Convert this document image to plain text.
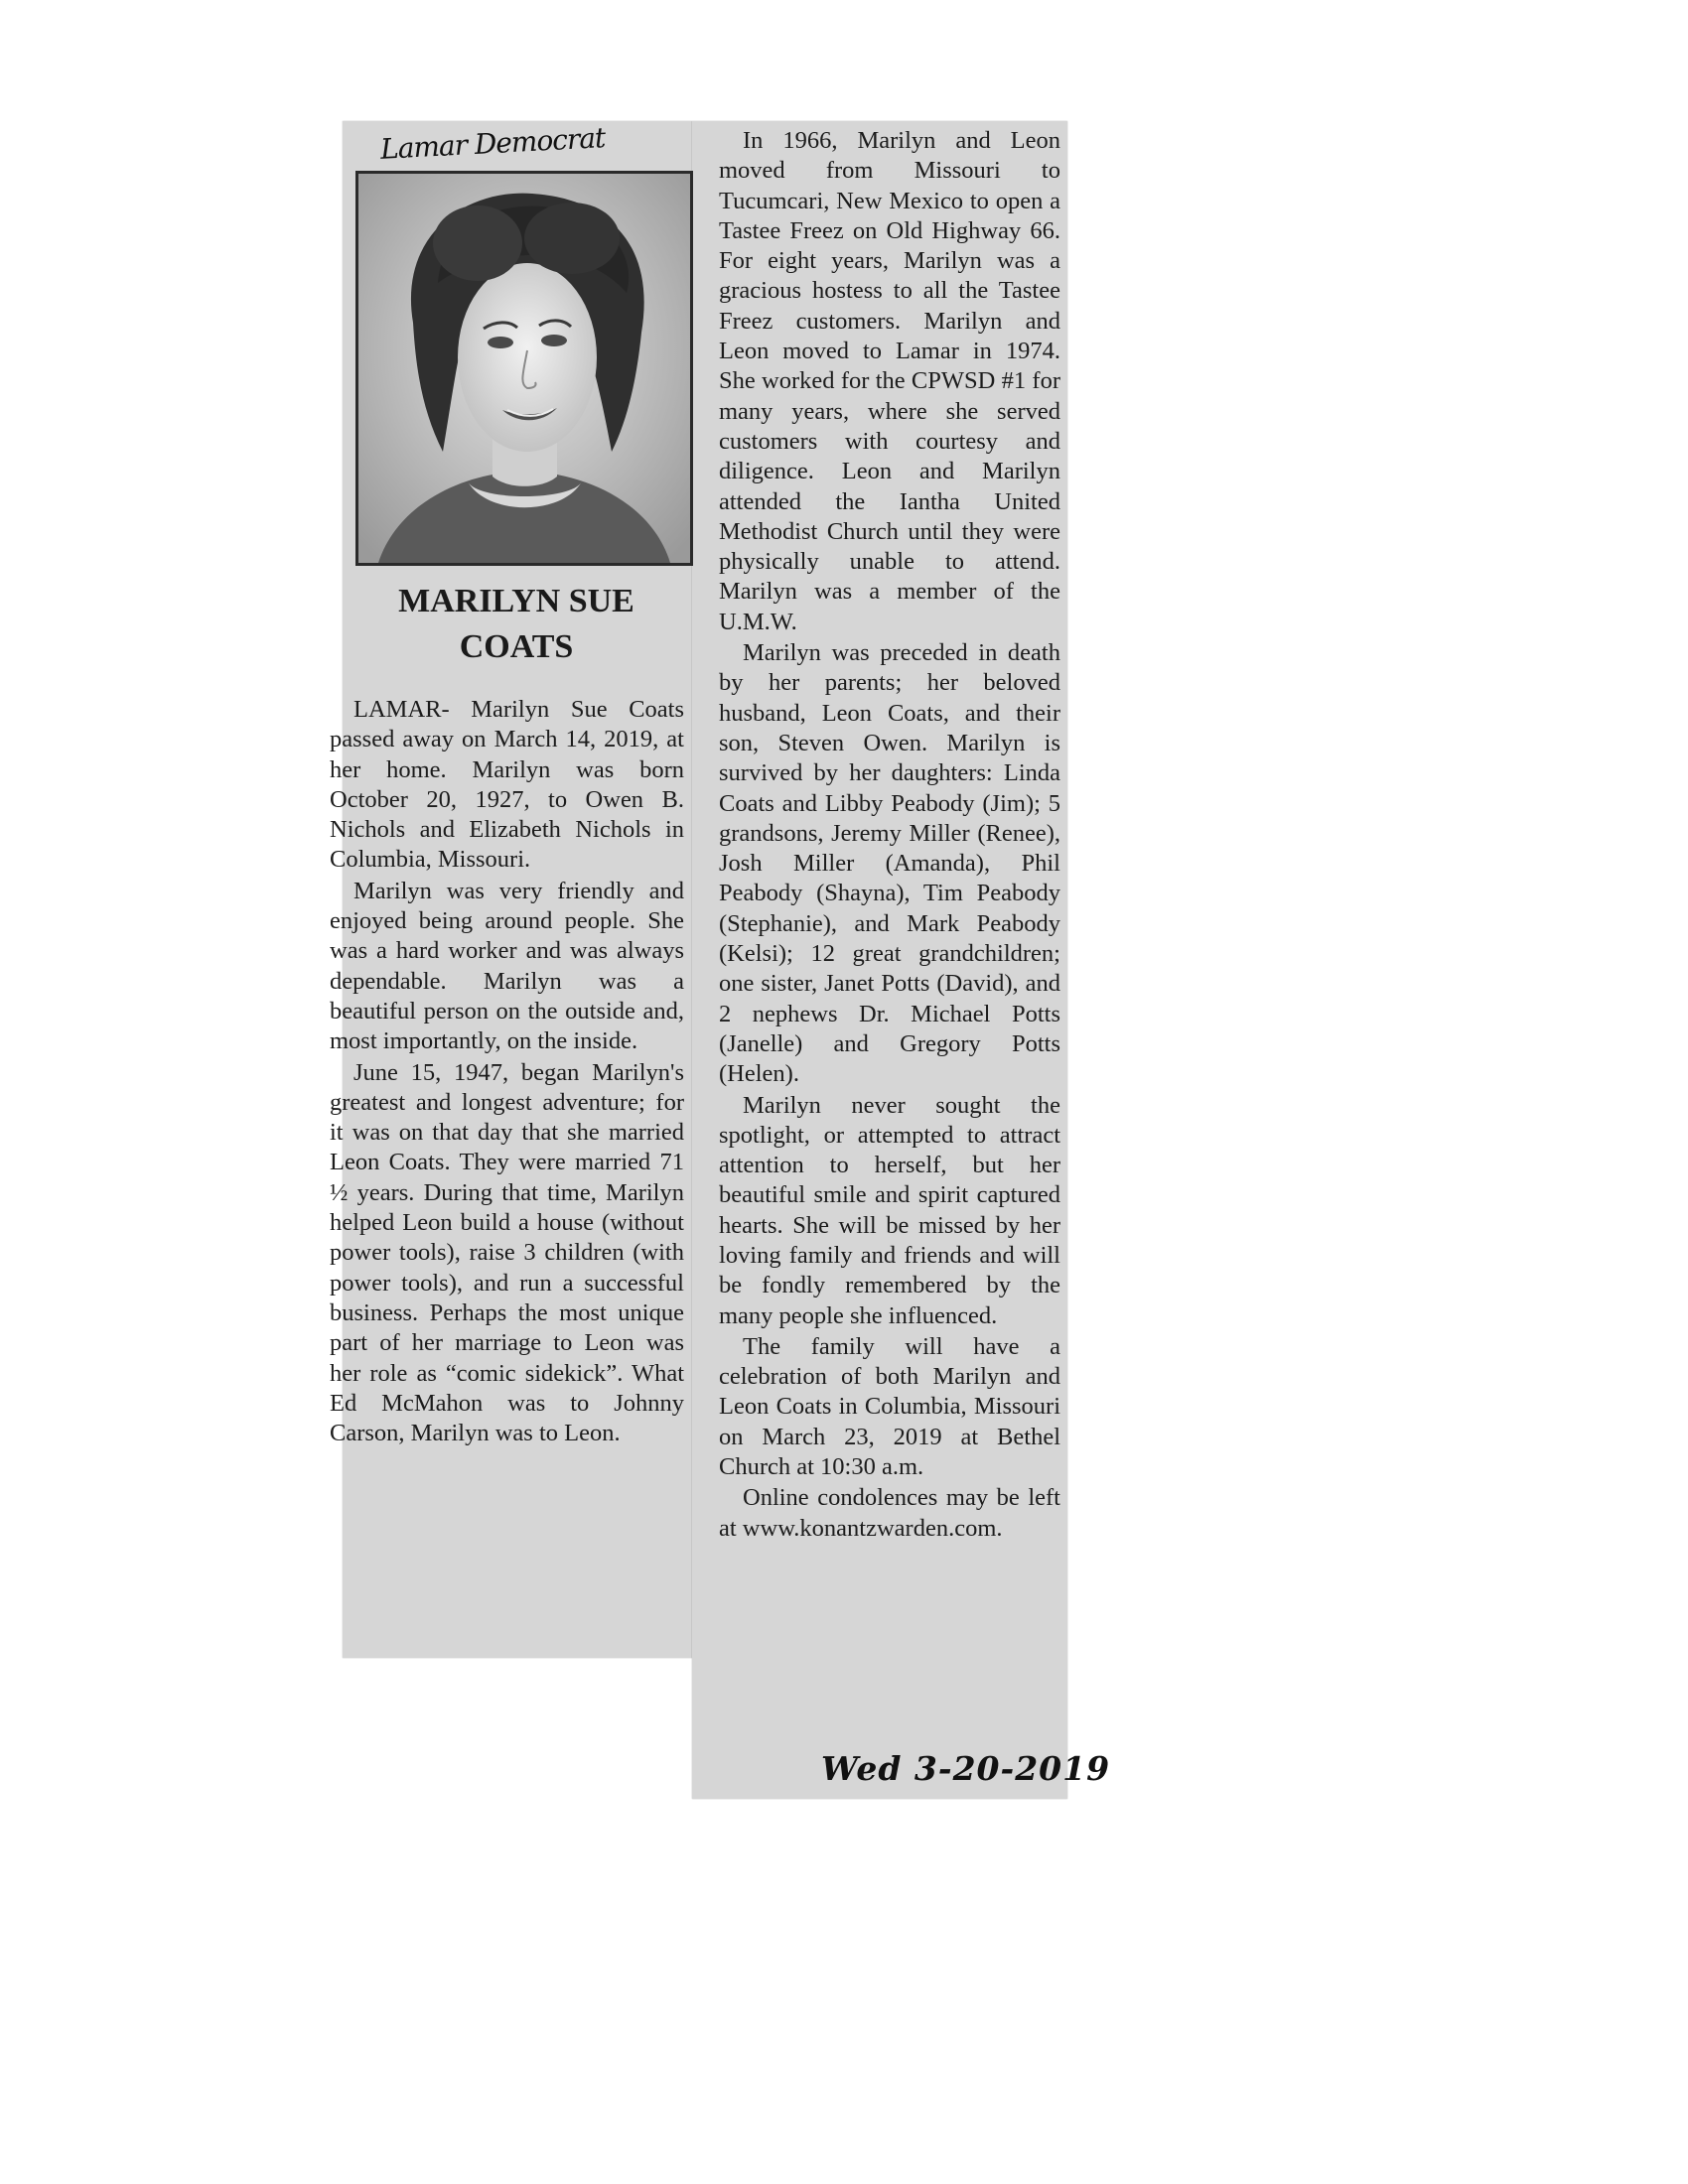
Lamar Democrat
MARILYN SUE
COATS

LAMAR- Marilyn Sue Coats passed away on March 14, 2019, at her home. Marilyn was born October 20, 1927, to Owen B. Nichols and Elizabeth Nichols in Columbia, Missouri.

Marilyn was very friendly and enjoyed being around people. She was a hard worker and was always dependable. Marilyn was a beautiful person on the outside and, most importantly, on the inside.

June 15, 1947, began Marilyn's greatest and longest adventure; for it was on that day that she married Leon Coats. They were married 71 ½ years. During that time, Marilyn helped Leon build a house (without power tools), raise 3 children (with power tools), and run a successful business. Perhaps the most unique part of her marriage to Leon was her role as “comic sidekick”. What Ed McMahon was to Johnny Carson, Marilyn was to Leon.

In 1966, Marilyn and Leon moved from Missouri to Tucumcari, New Mexico to open a Tastee Freez on Old Highway 66. For eight years, Marilyn was a gracious hostess to all the Tastee Freez customers. Marilyn and Leon moved to Lamar in 1974. She worked for the CPWSD #1 for many years, where she served customers with courtesy and diligence. Leon and Marilyn attended the Iantha United Methodist Church until they were physically unable to attend. Marilyn was a member of the U.M.W.

Marilyn was preceded in death by her parents; her beloved husband, Leon Coats, and their son, Steven Owen. Marilyn is survived by her daughters: Linda Coats and Libby Peabody (Jim); 5 grandsons, Jeremy Miller (Renee), Josh Miller (Amanda), Phil Peabody (Shayna), Tim Peabody (Stephanie), and Mark Peabody (Kelsi); 12 great grandchildren; one sister, Janet Potts (David), and 2 nephews Dr. Michael Potts (Janelle) and Gregory Potts (Helen).

Marilyn never sought the spotlight, or attempted to attract attention to herself, but her beautiful smile and spirit captured hearts. She will be missed by her loving family and friends and will be fondly remembered by the many people she influenced.

The family will have a celebration of both Marilyn and Leon Coats in Columbia, Missouri on March 23, 2019 at Bethel Church at 10:30 a.m.

Online condolences may be left at www.konantzwarden.com.

Wed 3-20-2019
